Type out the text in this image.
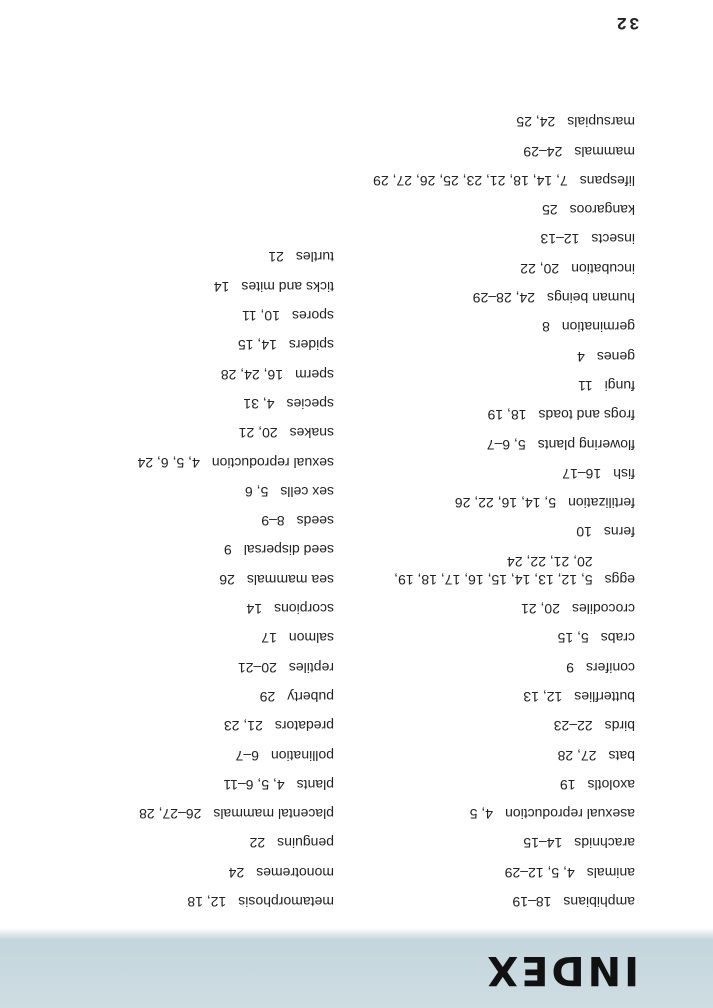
INDEX
amphibians
18–19
animals
4, 5, 12–29
arachnids
14–15
asexual reproduction
4, 5
axolotls
19
bats
27, 28
birds
22–23
butterflies
12, 13
conifers
9
crabs
5, 15
crocodiles
20, 21
eggs
5, 12, 13, 14, 15, 16, 17, 18, 19, 20, 21, 22, 24
ferns
10
fertilization
5, 14, 16, 22, 26
fish
16–17
flowering plants
5, 6–7
frogs and toads
18, 19
fungi
11
genes
4
germination
8
human beings
24, 28–29
incubation
20, 22
insects
12–13
kangaroos
25
lifespans
7, 14, 18, 21, 23, 25, 26, 27, 29
mammals
24–29
marsupials
24, 25
metamorphosis
12, 18
monotremes
24
penguins
22
placental mammals
26–27, 28
plants
4, 5, 6–11
pollination
6–7
predators
21, 23
puberty
29
reptiles
20–21
salmon
17
scorpions
14
sea mammals
26
seed dispersal
9
seeds
8–9
sex cells
5, 6
sexual reproduction
4, 5, 6, 24
snakes
20, 21
species
4, 31
sperm
16, 24, 28
spiders
14, 15
spores
10, 11
ticks and mites
14
turtles
21
32
